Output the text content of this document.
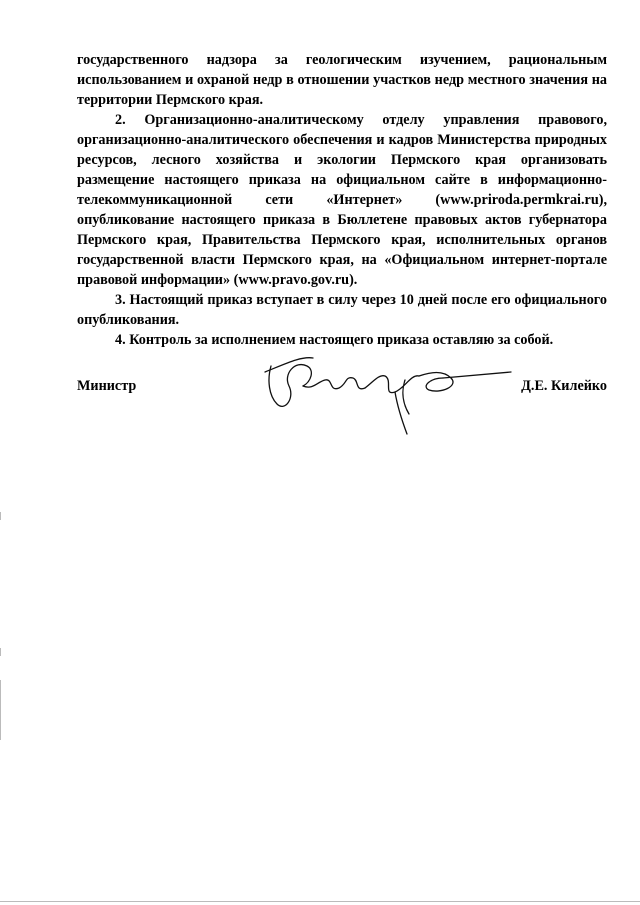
государственного надзора за геологическим изучением, рациональным использованием и охраной недр в отношении участков недр местного значения на территории Пермского края.

2. Организационно-аналитическому отделу управления правового, организационно-аналитического обеспечения и кадров Министерства природных ресурсов, лесного хозяйства и экологии Пермского края организовать размещение настоящего приказа на официальном сайте в информационно-телекоммуникационной сети «Интернет» (www.priroda.permkrai.ru), опубликование настоящего приказа в Бюллетене правовых актов губернатора Пермского края, Правительства Пермского края, исполнительных органов государственной власти Пермского края, на «Официальном интернет-портале правовой информации» (www.pravo.gov.ru).

3. Настоящий приказ вступает в силу через 10 дней после его официального опубликования.

4. Контроль за исполнением настоящего приказа оставляю за собой.

Министр	Д.Е. Килейко
